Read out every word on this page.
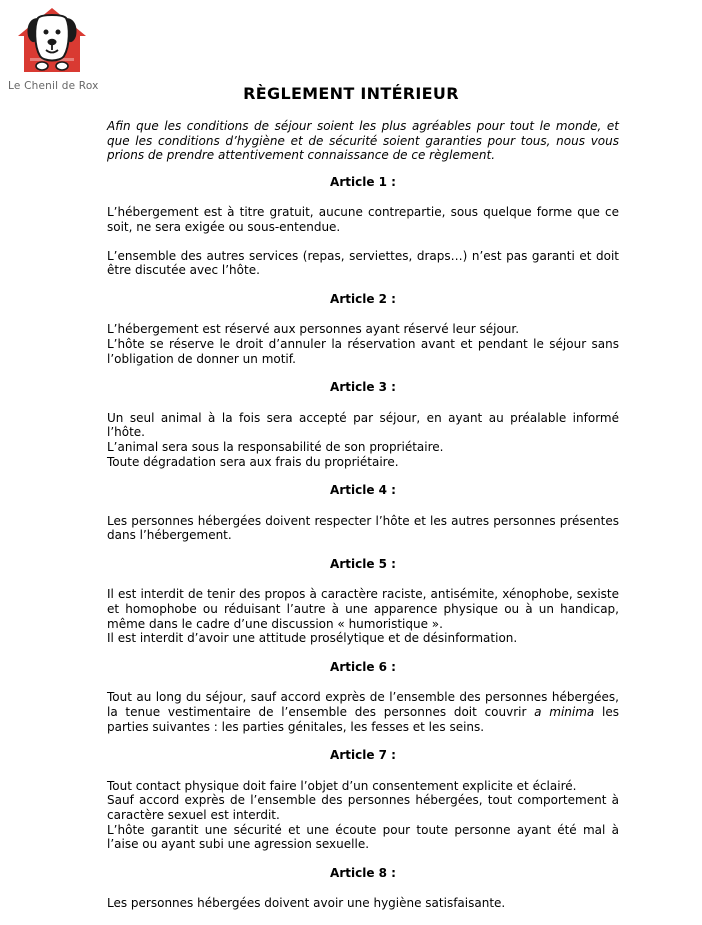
Le Chenil de Rox	RÈGLEMENT INTÉRIEUR

Afin que les conditions de séjour soient les plus agréables pour tout le monde, et que les conditions d’hygiène et de sécurité soient garanties pour tous, nous vous prions de prendre attentivement connaissance de ce règlement.

Article 1 :

L’hébergement est à titre gratuit, aucune contrepartie, sous quelque forme que ce soit, ne sera exigée ou sous-entendue.

L’ensemble des autres services (repas, serviettes, draps…) n’est pas garanti et doit être discutée avec l’hôte.

Article 2 :

L’hébergement est réservé aux personnes ayant réservé leur séjour.
L’hôte se réserve le droit d’annuler la réservation avant et pendant le séjour sans l’obligation de donner un motif.

Article 3 :

Un seul animal à la fois sera accepté par séjour, en ayant au préalable informé l’hôte.
L’animal sera sous la responsabilité de son propriétaire.
Toute dégradation sera aux frais du propriétaire.

Article 4 :

Les personnes hébergées doivent respecter l’hôte et les autres personnes présentes dans l’hébergement.

Article 5 :

Il est interdit de tenir des propos à caractère raciste, antisémite, xénophobe, sexiste et homophobe ou réduisant l’autre à une apparence physique ou à un handicap, même dans le cadre d’une discussion « humoristique ».
Il est interdit d’avoir une attitude prosélytique et de désinformation.

Article 6 :

Tout au long du séjour, sauf accord exprès de l’ensemble des personnes hébergées, la tenue vestimentaire de l’ensemble des personnes doit couvrir a minima les parties suivantes : les parties génitales, les fesses et les seins.

Article 7 :

Tout contact physique doit faire l’objet d’un consentement explicite et éclairé.
Sauf accord exprès de l’ensemble des personnes hébergées, tout comportement à caractère sexuel est interdit.
L’hôte garantit une sécurité et une écoute pour toute personne ayant été mal à l’aise ou ayant subi une agression sexuelle.

Article 8 :

Les personnes hébergées doivent avoir une hygiène satisfaisante.
